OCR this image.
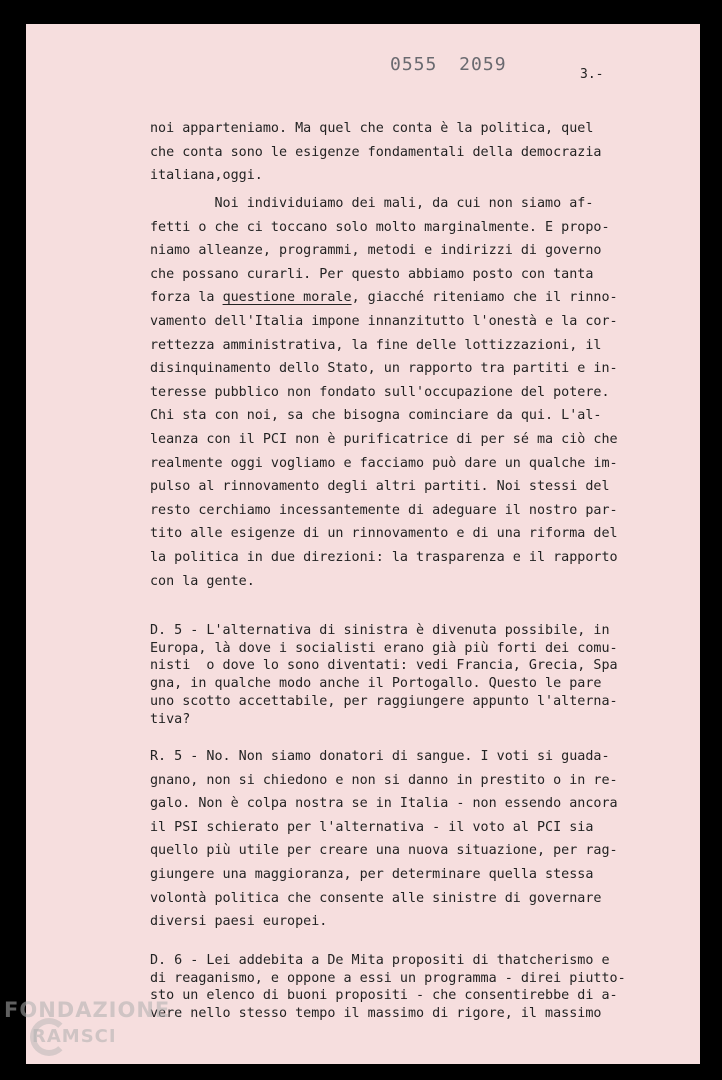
0555 2059	3.-

noi apparteniamo. Ma quel che conta è la politica, quel
che conta sono le esigenze fondamentali della democrazia
italiana,oggi.

Noi individuiamo dei mali, da cui non siamo af-
fetti o che ci toccano solo molto marginalmente. E propo-
niamo alleanze, programmi, metodi e indirizzi di governo
che possano curarli. Per questo abbiamo posto con tanta
forza la questione morale, giacché riteniamo che il rinno-
vamento dell'Italia impone innanzitutto l'onestà e la cor-
rettezza amministrativa, la fine delle lottizzazioni, il
disinquinamento dello Stato, un rapporto tra partiti e in-
teresse pubblico non fondato sull'occupazione del potere.
Chi sta con noi, sa che bisogna cominciare da qui. L'al-
leanza con il PCI non è purificatrice di per sé ma ciò che
realmente oggi vogliamo e facciamo può dare un qualche im-
pulso al rinnovamento degli altri partiti. Noi stessi del
resto cerchiamo incessantemente di adeguare il nostro par-
tito alle esigenze di un rinnovamento e di una riforma del
la politica in due direzioni: la trasparenza e il rapporto
con la gente.

D. 5 - L'alternativa di sinistra è divenuta possibile, in
Europa, là dove i socialisti erano già più forti dei comu-
nisti  o dove lo sono diventati: vedi Francia, Grecia, Spa
gna, in qualche modo anche il Portogallo. Questo le pare
uno scotto accettabile, per raggiungere appunto l'alterna-
tiva?

R. 5 - No. Non siamo donatori di sangue. I voti si guada-
gnano, non si chiedono e non si danno in prestito o in re-
galo. Non è colpa nostra se in Italia - non essendo ancora
il PSI schierato per l'alternativa - il voto al PCI sia
quello più utile per creare una nuova situazione, per rag-
giungere una maggioranza, per determinare quella stessa
volontà politica che consente alle sinistre di governare
diversi paesi europei.

D. 6 - Lei addebita a De Mita propositi di thatcherismo e
di reaganismo, e oppone a essi un programma - direi piutto-
sto un elenco di buoni propositi - che consentirebbe di a-
vere nello stesso tempo il massimo di rigore, il massimo

FONDAZIONE
RAMSCI
